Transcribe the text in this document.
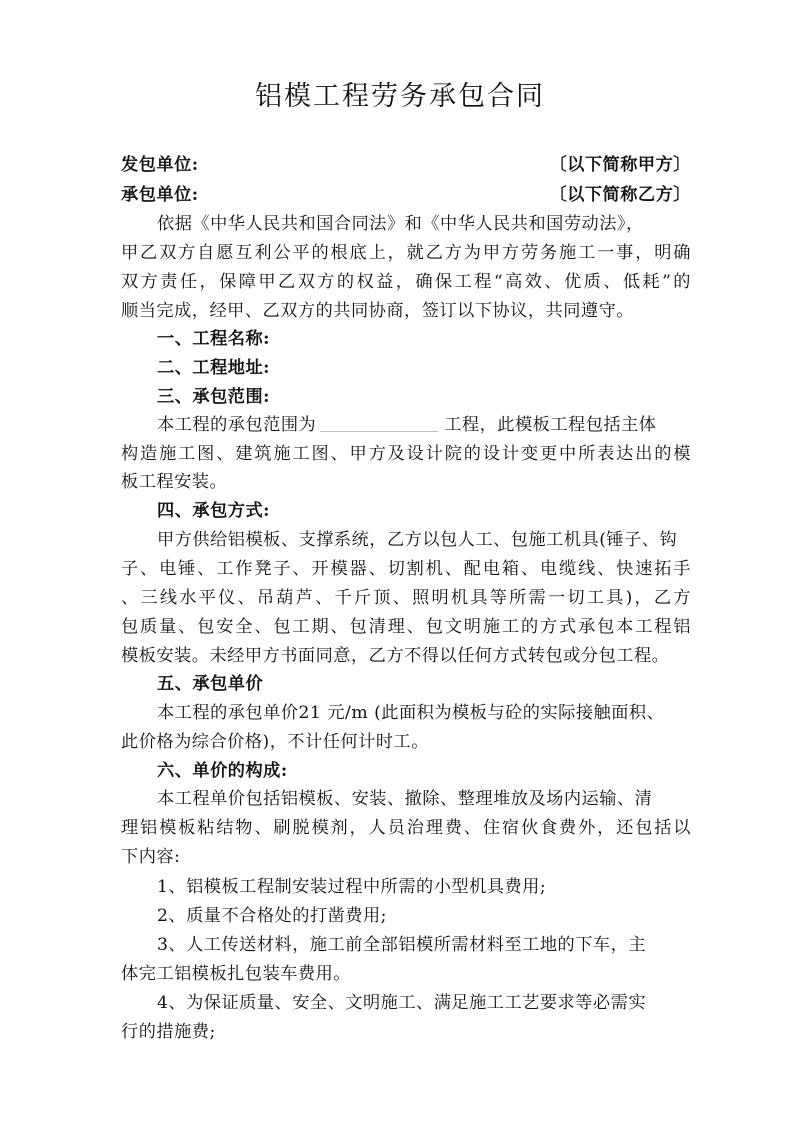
铝模工程劳务承包合同
发包单位:	〔以下简称甲方〕
承包单位:	〔以下简称乙方〕
依据《中华人民共和国合同法》和《中华人民共和国劳动法》，
甲乙双方自愿互利公平的根底上，就乙方为甲方劳务施工一事，明确
双方责任，保障甲乙双方的权益，确保工程“高效、优质、低耗”的
顺当完成，经甲、乙双方的共同协商，签订以下协议，共同遵守。
一、工程名称:
二、工程地址:
三、承包范围:
本工程的承包范围为	工程，此模板工程包括主体
构造施工图、建筑施工图、甲方及设计院的设计变更中所表达出的模
板工程安装。
四、承包方式:
甲方供给铝模板、支撑系统，乙方以包人工、包施工机具(锤子、钩
子、电锤、工作凳子、开模器、切割机、配电箱、电缆线、快速拓手
、三线水平仪、吊葫芦、千斤顶、照明机具等所需一切工具)，乙方
包质量、包安全、包工期、包清理、包文明施工的方式承包本工程铝
模板安装。未经甲方书面同意，乙方不得以任何方式转包或分包工程。
五、承包单价
本工程的承包单价21 元/m (此面积为模板与砼的实际接触面积、
此价格为综合价格)，不计任何计时工。
六、单价的构成:
本工程单价包括铝模板、安装、撤除、整理堆放及场内运输、清
理铝模板粘结物、刷脱模剂，人员治理费、住宿伙食费外，还包括以
下内容:
1、铝模板工程制安装过程中所需的小型机具费用;
2、质量不合格处的打凿费用;
3、人工传送材料，施工前全部铝模所需材料至工地的下车，主
体完工铝模板扎包装车费用。
4、为保证质量、安全、文明施工、满足施工工艺要求等必需实
行的措施费;
